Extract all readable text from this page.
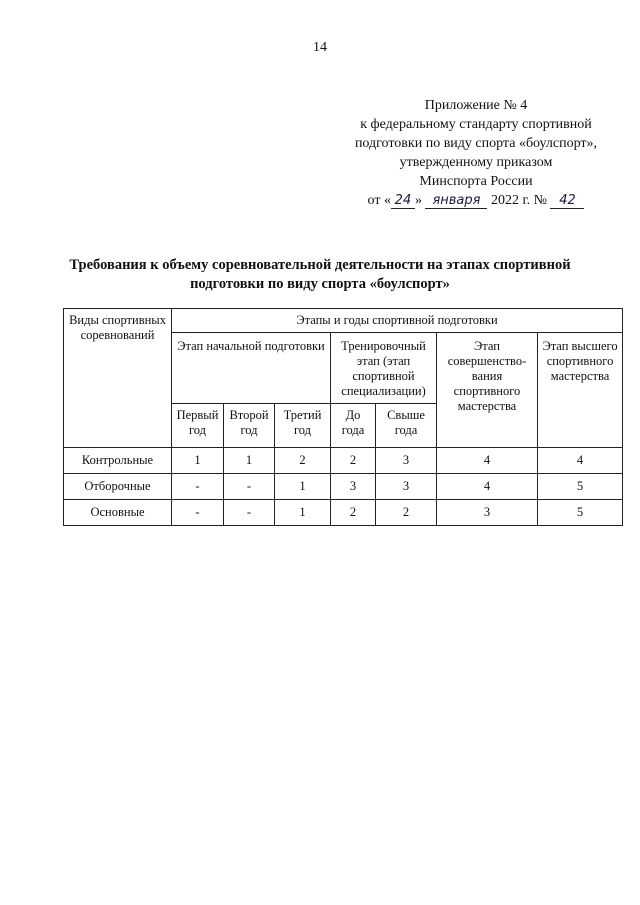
14
Приложение № 4
к федеральному стандарту спортивной
подготовки по виду спорта «боулспорт»,
утвержденному приказом
Минспорта России
от « 24 » января 2022 г. № 42
Требования к объему соревновательной деятельности на этапах спортивной
подготовки по виду спорта «боулспорт»
Виды спортивных соревнований	Этапы и годы спортивной подготовки						
	Этап начальной подготовки			Тренировочный этап (этап спортивной специализации)		Этап совершенство-вания спортивного мастерства	Этап высшего спортивного мастерства
	Первый год	Второй год	Третий год	До года	Свыше года		
Контрольные	1	1	2	2	3	4	4
Отборочные	-	-	1	3	3	4	5
Основные	-	-	1	2	2	3	5
